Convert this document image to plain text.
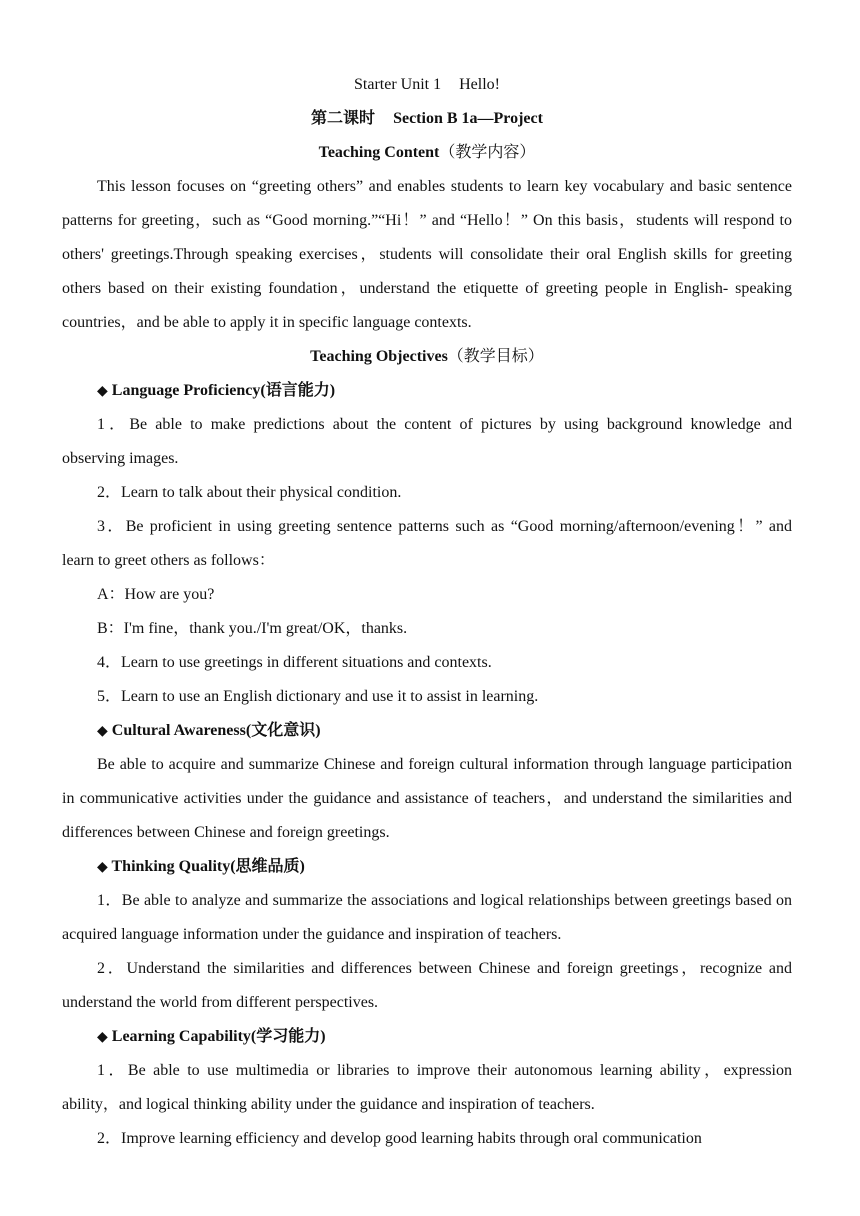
Starter Unit 1 Hello!

第二课时 Section B 1a—Project

Teaching Content（教学内容）

This lesson focuses on “greeting others” and enables students to learn key vocabulary and basic sentence patterns for greeting，such as “Good morning.”“Hi！” and “Hello！” On this basis，students will respond to others' greetings.Through speaking exercises，students will consolidate their oral English skills for greeting others based on their existing foundation，understand the etiquette of greeting people in English‑ speaking countries，and be able to apply it in specific language contexts.

Teaching Objectives（教学目标）

◆ Language Proficiency(语言能力)

1．Be able to make predictions about the content of pictures by using background knowledge and observing images.

2．Learn to talk about their physical condition.

3．Be proficient in using greeting sentence patterns such as “Good morning/afternoon/evening！” and learn to greet others as follows：

A：How are you?

B：I'm fine，thank you./I'm great/OK，thanks.

4．Learn to use greetings in different situations and contexts.

5．Learn to use an English dictionary and use it to assist in learning.

◆ Cultural Awareness(文化意识)

Be able to acquire and summarize Chinese and foreign cultural information through language participation in communicative activities under the guidance and assistance of teachers，and understand the similarities and differences between Chinese and foreign greetings.

◆ Thinking Quality(思维品质)

1．Be able to analyze and summarize the associations and logical relationships between greetings based on acquired language information under the guidance and inspiration of teachers.

2．Understand the similarities and differences between Chinese and foreign greetings，recognize and understand the world from different perspectives.

◆ Learning Capability(学习能力)

1．Be able to use multimedia or libraries to improve their autonomous learning ability，expression ability，and logical thinking ability under the guidance and inspiration of teachers.

2．Improve learning efficiency and develop good learning habits through oral communication
